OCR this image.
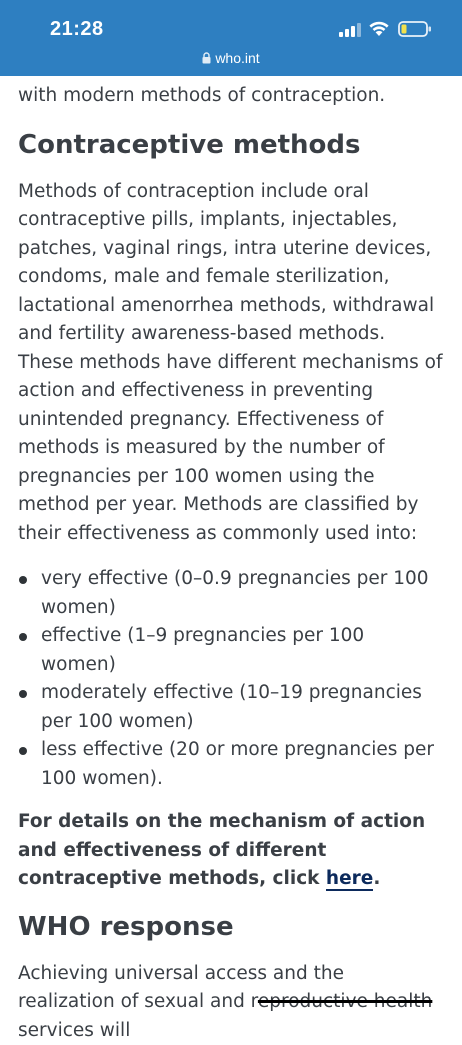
21:28
who.int

with modern methods of contraception.

Contraceptive methods

Methods of contraception include oral contraceptive pills, implants, injectables, patches, vaginal rings, intra uterine devices, condoms, male and female sterilization, lactational amenorrhea methods, withdrawal and fertility awareness-based methods. These methods have different mechanisms of action and effectiveness in preventing unintended pregnancy. Effectiveness of methods is measured by the number of pregnancies per 100 women using the method per year. Methods are classified by their effectiveness as commonly used into:

very effective (0–0.9 pregnancies per 100 women)
effective (1–9 pregnancies per 100 women)
moderately effective (10–19 pregnancies per 100 women)
less effective (20 or more pregnancies per 100 women).

For details on the mechanism of action and effectiveness of different contraceptive methods, click here.

WHO response

Achieving universal access and the realization of sexual and reproductive health services will
